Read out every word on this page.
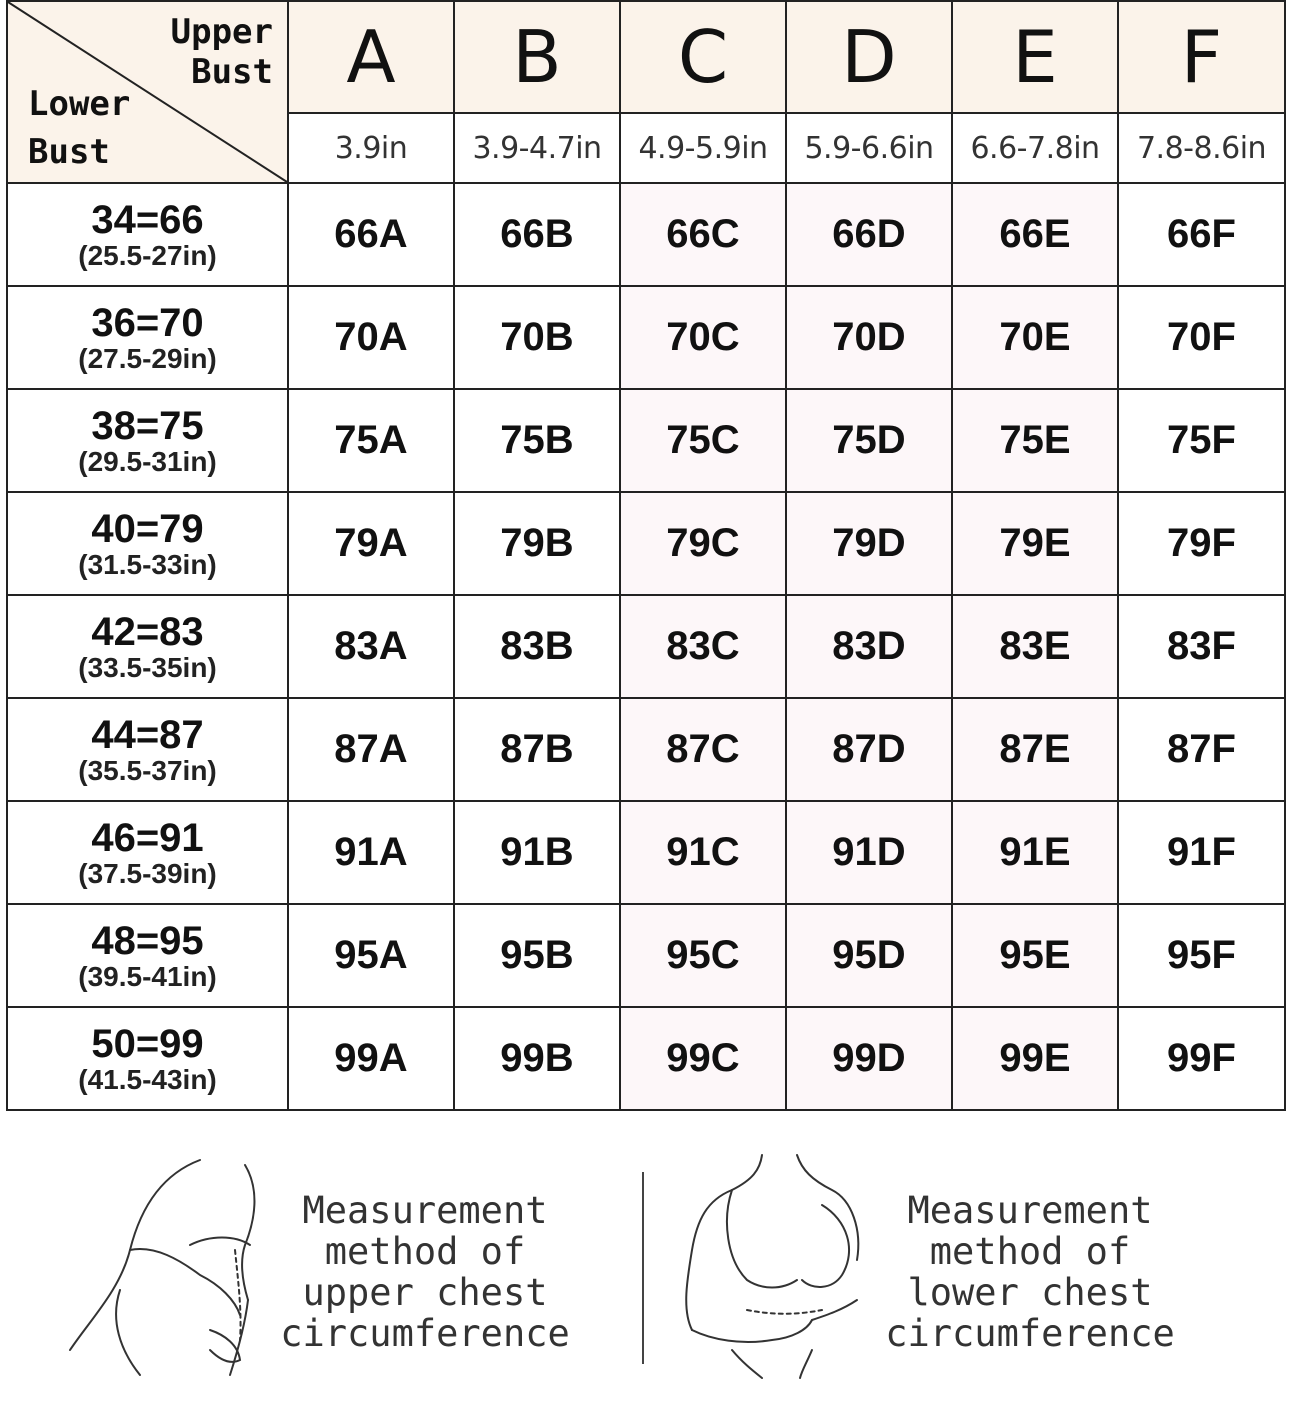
Upper
Bust
Lower
Bust	A	B	C	D	E	F
	3.9in	3.9-4.7in	4.9-5.9in	5.9-6.6in	6.6-7.8in	7.8-8.6in

34=66
(25.5-27in)	66A	66B	66C	66D	66E	66F

36=70
(27.5-29in)	70A	70B	70C	70D	70E	70F

38=75
(29.5-31in)	75A	75B	75C	75D	75E	75F

40=79
(31.5-33in)	79A	79B	79C	79D	79E	79F

42=83
(33.5-35in)	83A	83B	83C	83D	83E	83F

44=87
(35.5-37in)	87A	87B	87C	87D	87E	87F

46=91
(37.5-39in)	91A	91B	91C	91D	91E	91F

48=95
(39.5-41in)	95A	95B	95C	95D	95E	95F

50=99
(41.5-43in)	99A	99B	99C	99D	99E	99F
Measurement
method of
upper chest
circumference
Measurement
method of
lower chest
circumference
